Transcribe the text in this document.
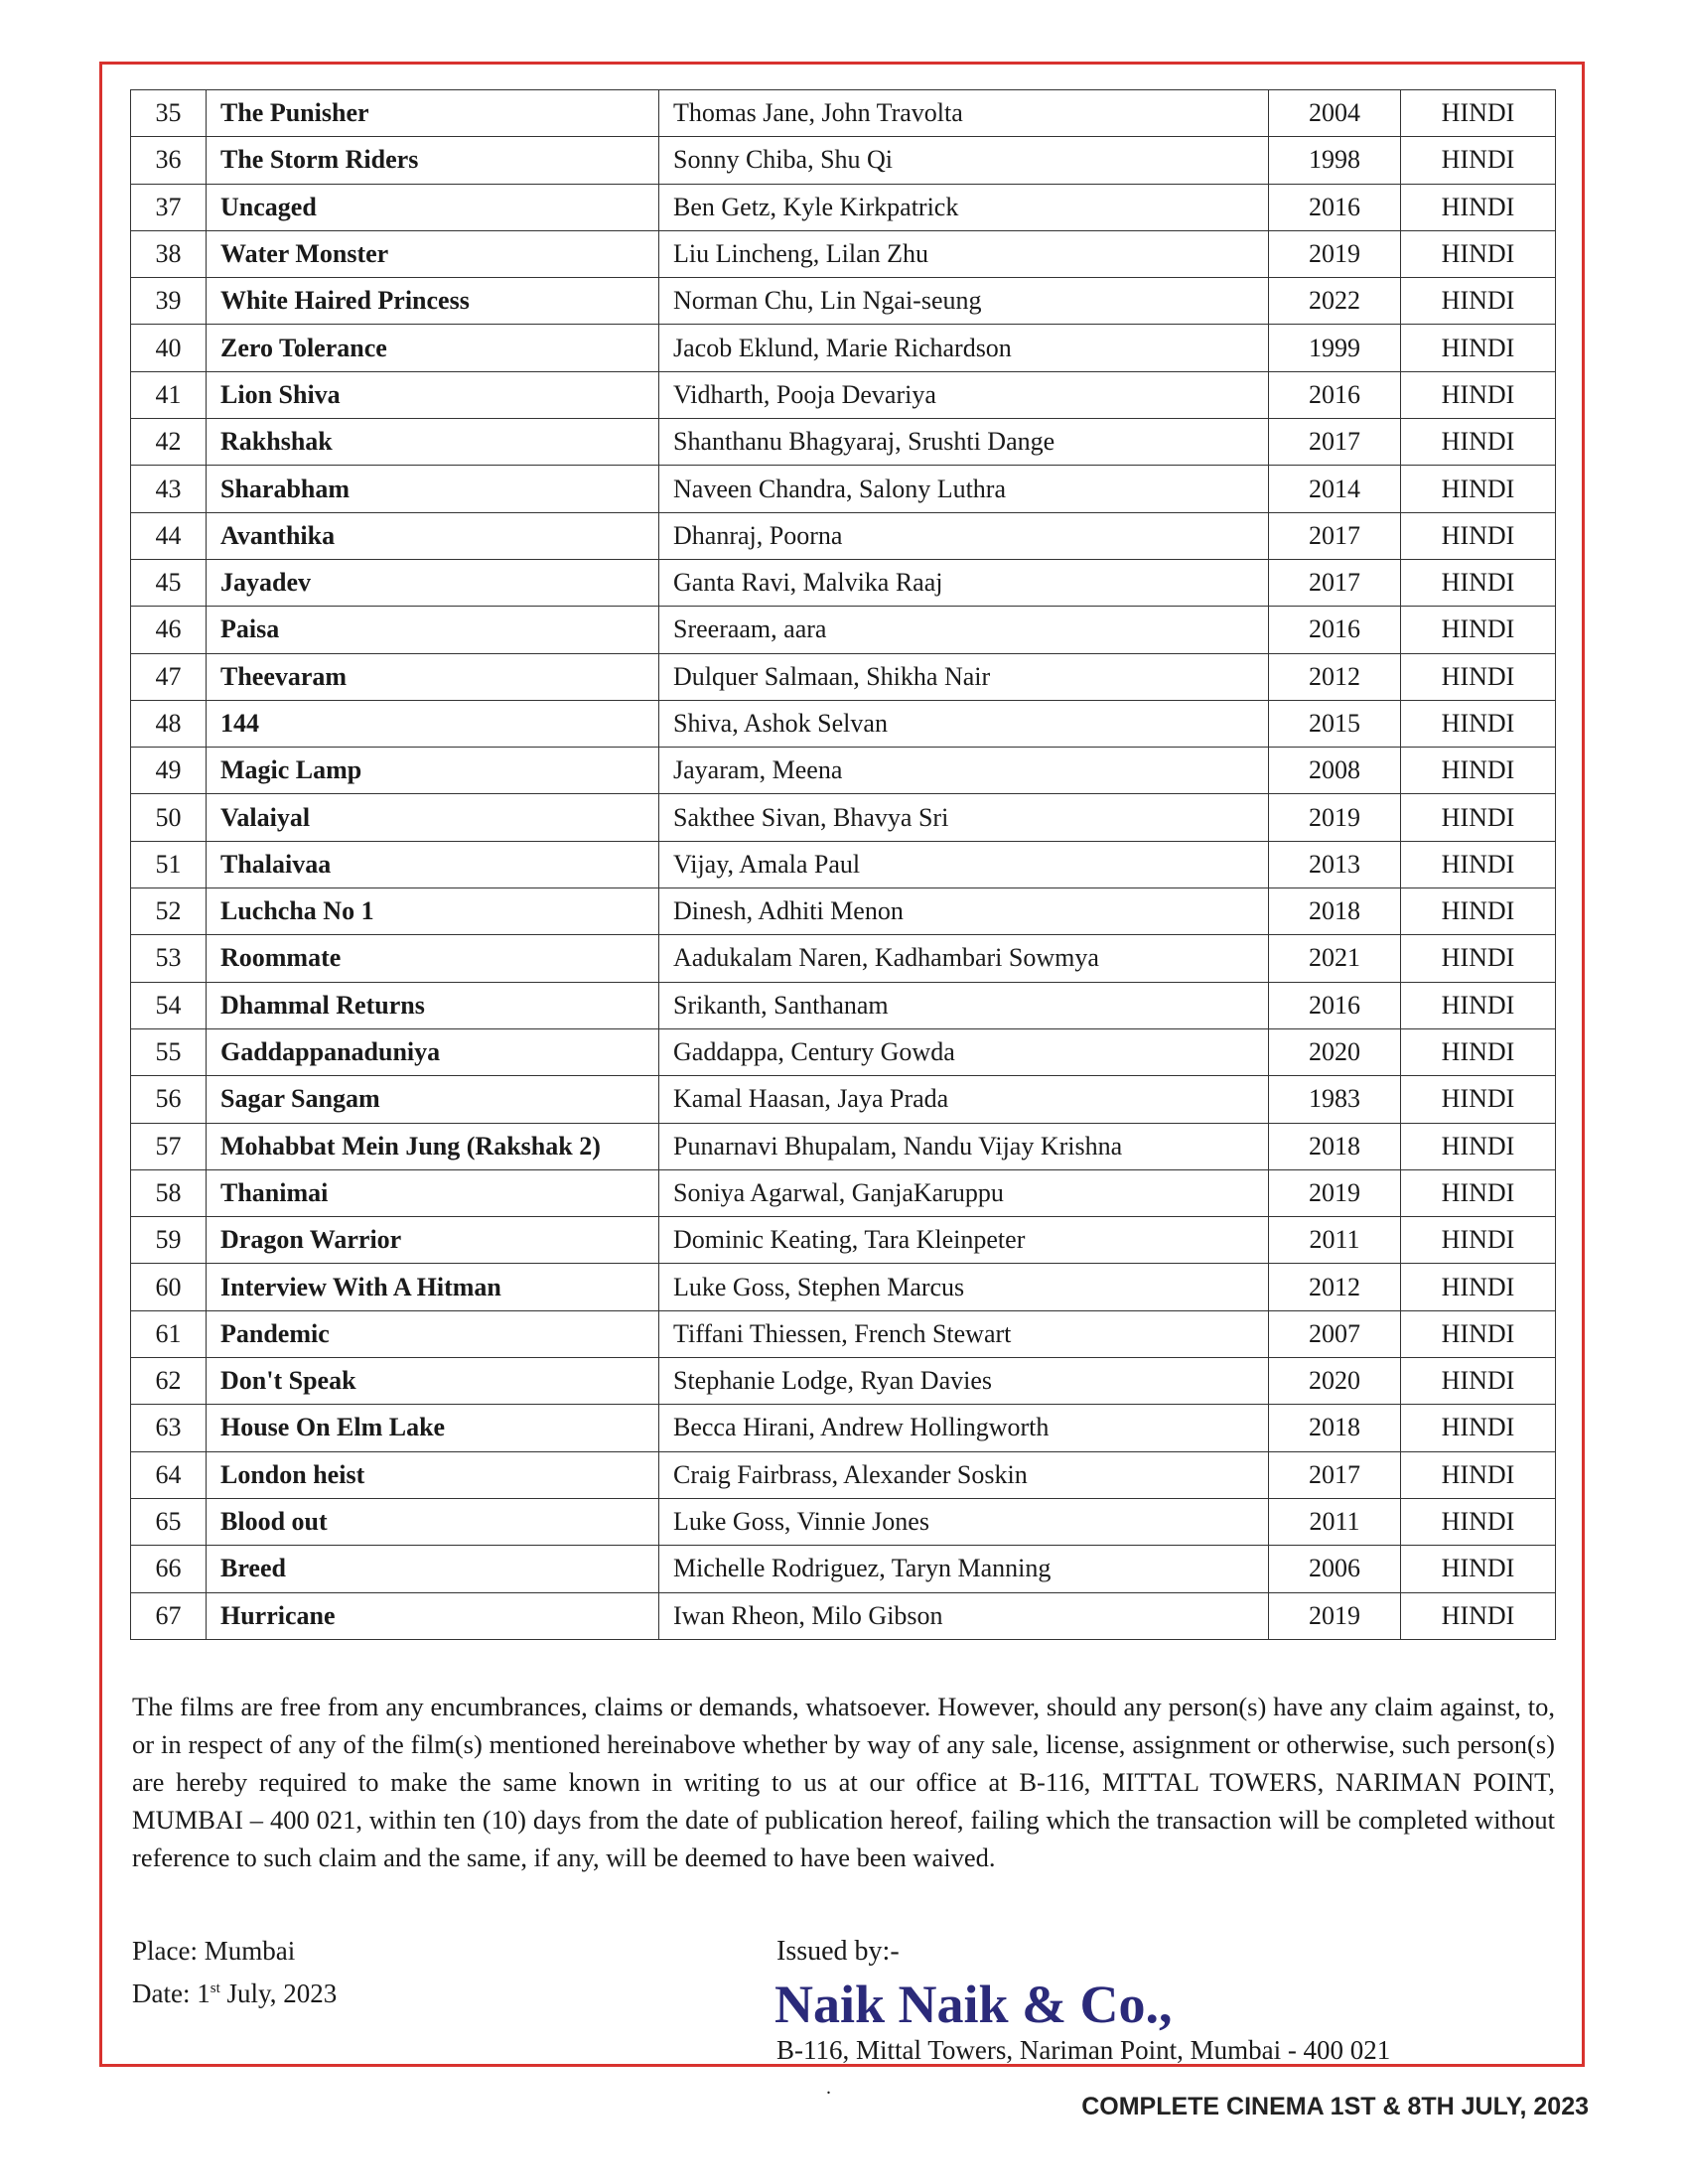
35	The Punisher	Thomas Jane, John Travolta	2004	HINDI
36	The Storm Riders	Sonny Chiba, Shu Qi	1998	HINDI
37	Uncaged	Ben Getz, Kyle Kirkpatrick	2016	HINDI
38	Water Monster	Liu Lincheng, Lilan Zhu	2019	HINDI
39	White Haired Princess	Norman Chu, Lin Ngai-seung	2022	HINDI
40	Zero Tolerance	Jacob Eklund, Marie Richardson	1999	HINDI
41	Lion Shiva	Vidharth, Pooja Devariya	2016	HINDI
42	Rakhshak	Shanthanu Bhagyaraj, Srushti Dange	2017	HINDI
43	Sharabham	Naveen Chandra, Salony Luthra	2014	HINDI
44	Avanthika	Dhanraj, Poorna	2017	HINDI
45	Jayadev	Ganta Ravi, Malvika Raaj	2017	HINDI
46	Paisa	Sreeraam, aara	2016	HINDI
47	Theevaram	Dulquer Salmaan, Shikha Nair	2012	HINDI
48	144	Shiva, Ashok Selvan	2015	HINDI
49	Magic Lamp	Jayaram, Meena	2008	HINDI
50	Valaiyal	Sakthee Sivan, Bhavya Sri	2019	HINDI
51	Thalaivaa	Vijay, Amala Paul	2013	HINDI
52	Luchcha No 1	Dinesh, Adhiti Menon	2018	HINDI
53	Roommate	Aadukalam Naren, Kadhambari Sowmya	2021	HINDI
54	Dhammal Returns	Srikanth, Santhanam	2016	HINDI
55	Gaddappanaduniya	Gaddappa, Century Gowda	2020	HINDI
56	Sagar Sangam	Kamal Haasan, Jaya Prada	1983	HINDI
57	Mohabbat Mein Jung (Rakshak 2)	Punarnavi Bhupalam, Nandu Vijay Krishna	2018	HINDI
58	Thanimai	Soniya Agarwal, GanjaKaruppu	2019	HINDI
59	Dragon Warrior	Dominic Keating, Tara Kleinpeter	2011	HINDI
60	Interview With A Hitman	Luke Goss, Stephen Marcus	2012	HINDI
61	Pandemic	Tiffani Thiessen, French Stewart	2007	HINDI
62	Don't Speak	Stephanie Lodge, Ryan Davies	2020	HINDI
63	House On Elm Lake	Becca Hirani, Andrew Hollingworth	2018	HINDI
64	London heist	Craig Fairbrass, Alexander Soskin	2017	HINDI
65	Blood out	Luke Goss, Vinnie Jones	2011	HINDI
66	Breed	Michelle Rodriguez, Taryn Manning	2006	HINDI
67	Hurricane	Iwan Rheon, Milo Gibson	2019	HINDI

The films are free from any encumbrances, claims or demands, whatsoever. However, should any person(s) have any claim against, to, or in respect of any of the film(s) mentioned hereinabove whether by way of any sale, license, assignment or otherwise, such person(s) are hereby required to make the same known in writing to us at our office at B-116, MITTAL TOWERS, NARIMAN POINT, MUMBAI – 400 021, within ten (10) days from the date of publication hereof, failing which the transaction will be completed without reference to such claim and the same, if any, will be deemed to have been waived.

Place: Mumbai
Date: 1st July, 2023
Issued by:-
Naik Naik & Co.,
B-116, Mittal Towers, Nariman Point, Mumbai - 400 021
.
COMPLETE CINEMA 1ST & 8TH JULY, 2023
